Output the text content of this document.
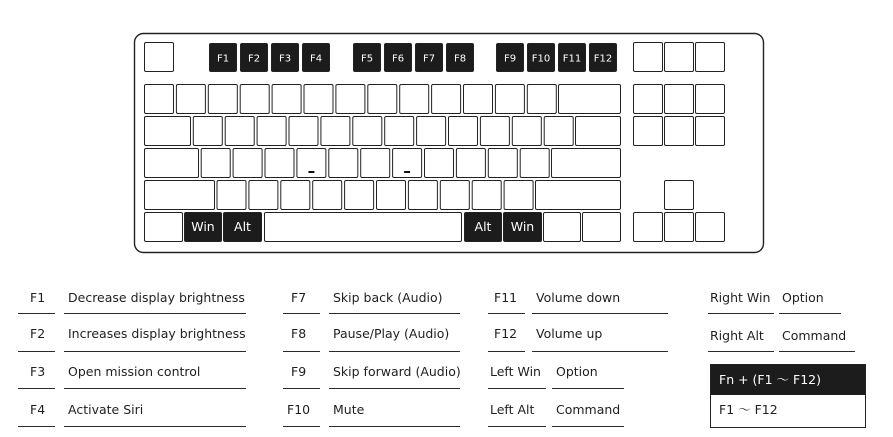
F1 F2 F3 F4	F5 F6 F7 F8	F9 F10 F11 F12
Win Alt	Alt Win
F1 Decrease display brightness
F2 Increases display brightness
F3 Open mission control
F4 Activate Siri
F7 Skip back (Audio)
F8 Pause/Play (Audio)
F9 Skip forward (Audio)
F10 Mute
F11 Volume down
F12 Volume up
Left Win Option
Left Alt Command
Right Win Option
Right Alt Command
Fn + (F1 ～ F12)
F1 ～ F12
